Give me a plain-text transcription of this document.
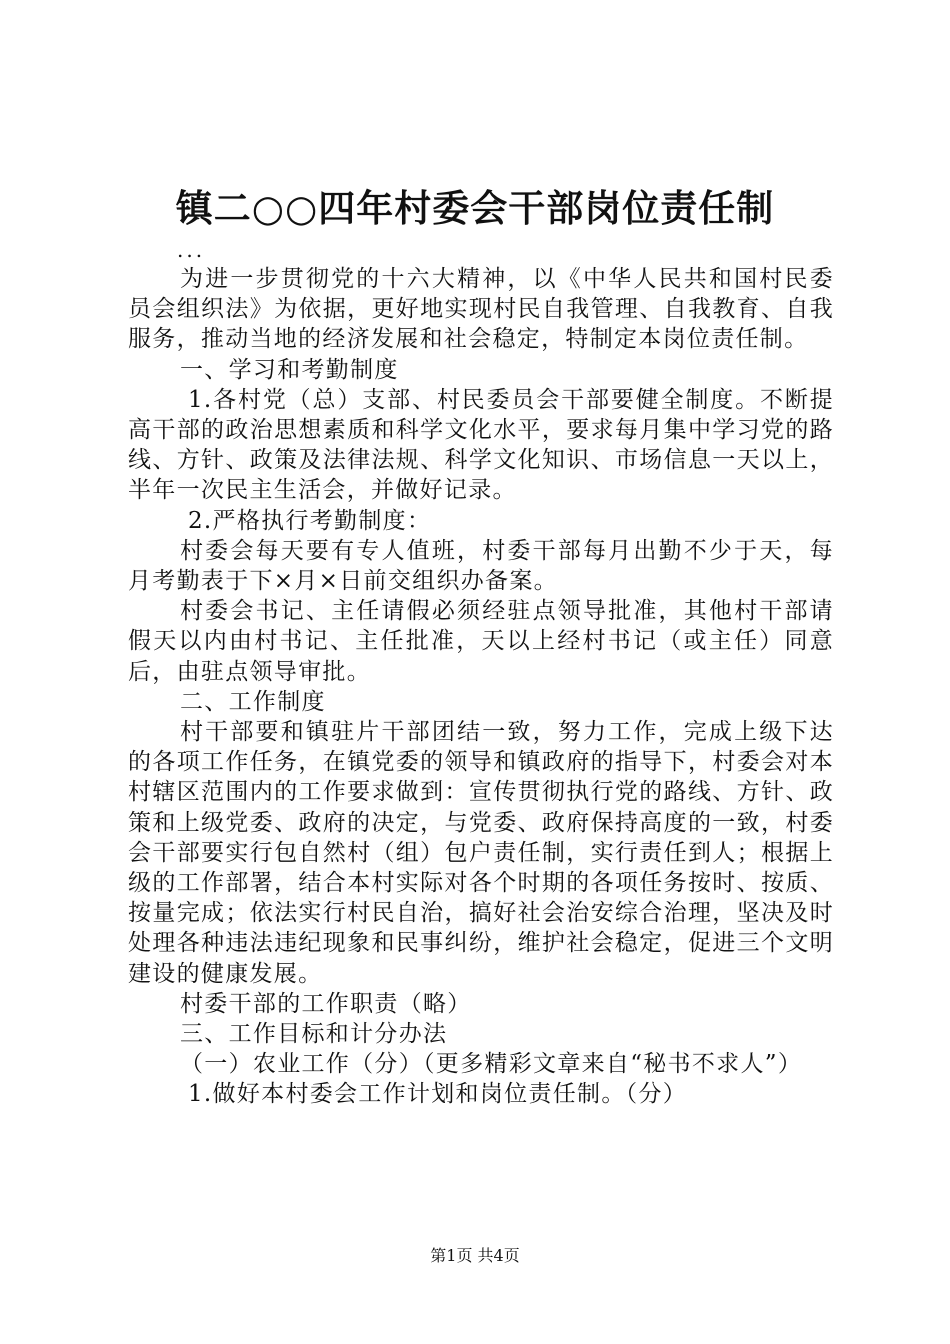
镇二○○四年村委会干部岗位责任制
...

为进一步贯彻党的十六大精神，以《中华人民共和国村民委员会组织法》为依据，更好地实现村民自我管理、自我教育、自我服务，推动当地的经济发展和社会稳定，特制定本岗位责任制。

一、学习和考勤制度

1.各村党（总）支部、村民委员会干部要健全制度。不断提高干部的政治思想素质和科学文化水平，要求每月集中学习党的路线、方针、政策及法律法规、科学文化知识、市场信息一天以上，半年一次民主生活会，并做好记录。

2.严格执行考勤制度：

村委会每天要有专人值班，村委干部每月出勤不少于天，每月考勤表于下×月×日前交组织办备案。

村委会书记、主任请假必须经驻点领导批准，其他村干部请假天以内由村书记、主任批准，天以上经村书记（或主任）同意后，由驻点领导审批。

二、工作制度

村干部要和镇驻片干部团结一致，努力工作，完成上级下达的各项工作任务，在镇党委的领导和镇政府的指导下，村委会对本村辖区范围内的工作要求做到：宣传贯彻执行党的路线、方针、政策和上级党委、政府的决定，与党委、政府保持高度的一致，村委会干部要实行包自然村（组）包户责任制，实行责任到人；根据上级的工作部署，结合本村实际对各个时期的各项任务按时、按质、按量完成；依法实行村民自治，搞好社会治安综合治理，坚决及时处理各种违法违纪现象和民事纠纷，维护社会稳定，促进三个文明建设的健康发展。

村委干部的工作职责（略）

三、工作目标和计分办法

（一）农业工作（分）（更多精彩文章来自“秘书不求人”）

1.做好本村委会工作计划和岗位责任制。（分）

第1页 共4页
